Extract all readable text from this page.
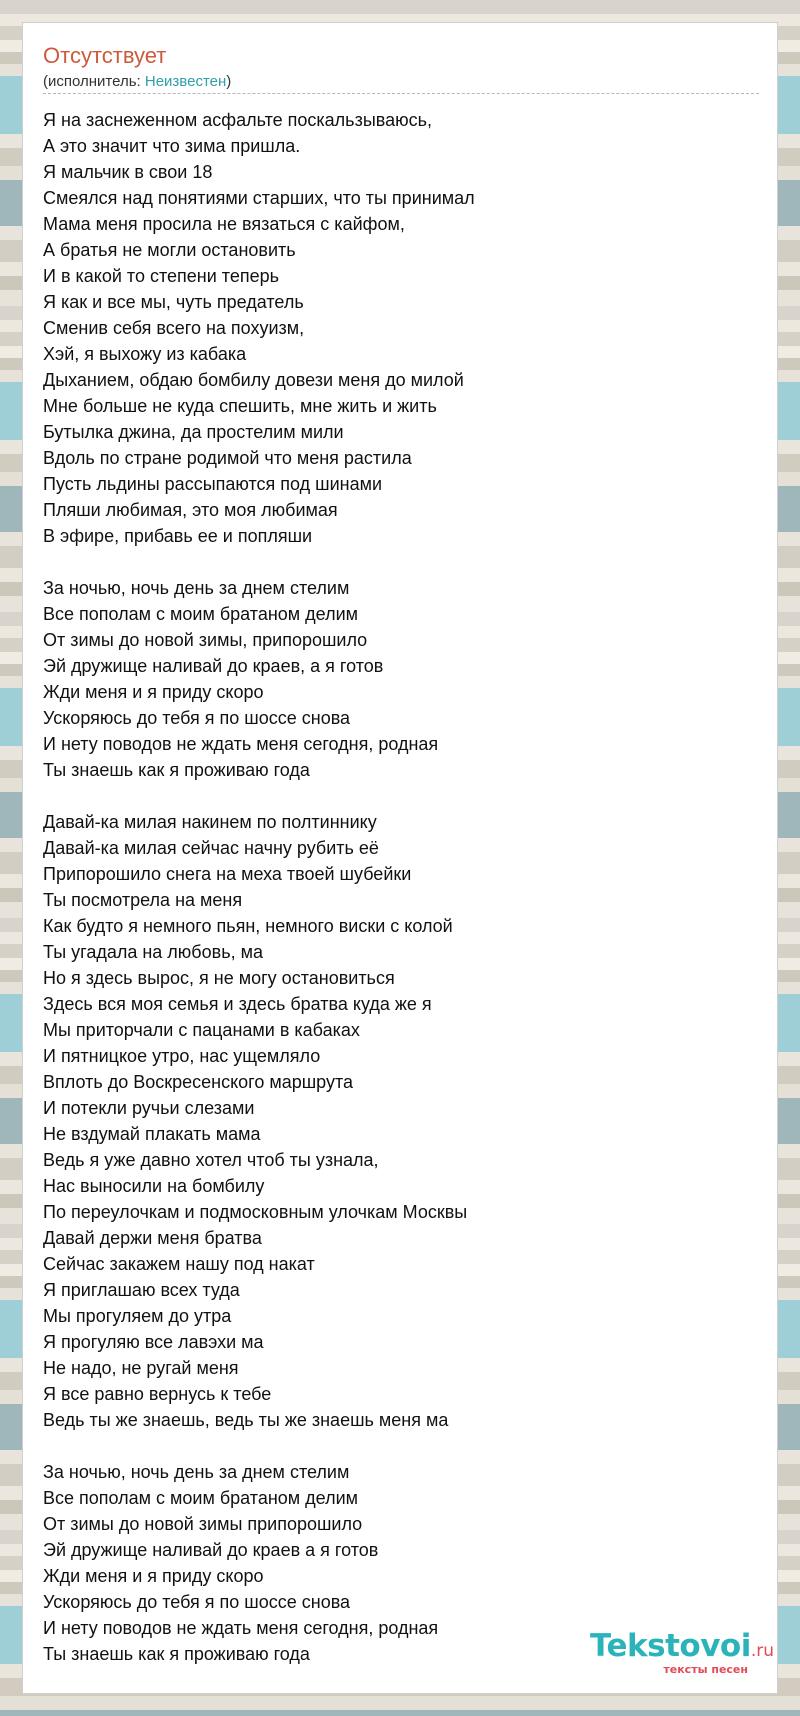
Отсутствует
(исполнитель: Неизвестен)
Я на заснеженном асфальте поскальзываюсь,
А это значит что зима пришла.
Я мальчик в свои 18
Смеялся над понятиями старших, что ты принимал
Мама меня просила не вязаться с кайфом,
А братья не могли остановить
И в какой то степени теперь
Я как и все мы, чуть предатель
Сменив себя всего на похуизм,
Хэй, я выхожу из кабака
Дыханием, обдаю бомбилу довези меня до милой
Мне больше не куда спешить, мне жить и жить
Бутылка джина, да простелим мили
Вдоль по стране родимой что меня растила
Пусть льдины рассыпаются под шинами
Пляши любимая, это моя любимая
В эфире, прибавь ее и попляши
За ночью, ночь день за днем стелим
Все пополам с моим братаном делим
От зимы до новой зимы, припорошило
Эй дружище наливай до краев, а я готов
Жди меня и я приду скоро
Ускоряюсь до тебя я по шоссе снова
И нету поводов не ждать меня сегодня, родная
Ты знаешь как я проживаю года
Давай-ка милая накинем по полтиннику
Давай-ка милая сейчас начну рубить её
Припорошило снега на меха твоей шубейки
Ты посмотрела на меня
Как будто я немного пьян, немного виски с колой
Ты угадала на любовь, ма
Но я здесь вырос, я не могу остановиться
Здесь вся моя семья и здесь братва куда же я
Мы приторчали с пацанами в кабаках
И пятницкое утро, нас ущемляло
Вплоть до Воскресенского маршрута
И потекли ручьи слезами
Не вздумай плакать мама
Ведь я уже давно хотел чтоб ты узнала,
Нас выносили на бомбилу
По переулочкам и подмосковным улочкам Москвы
Давай держи меня братва
Сейчас закажем нашу под накат
Я приглашаю всех туда
Мы прогуляем до утра
Я прогуляю все лавэхи ма
Не надо, не ругай меня
Я все равно вернусь к тебе
Ведь ты же знаешь, ведь ты же знаешь меня ма
За ночью, ночь день за днем стелим
Все пополам с моим братаном делим
От зимы до новой зимы припорошило
Эй дружище наливай до краев а я готов
Жди меня и я приду скоро
Ускоряюсь до тебя я по шоссе снова
И нету поводов не ждать меня сегодня, родная
Ты знаешь как я проживаю года	Tekstovoi.ru
тексты песен
